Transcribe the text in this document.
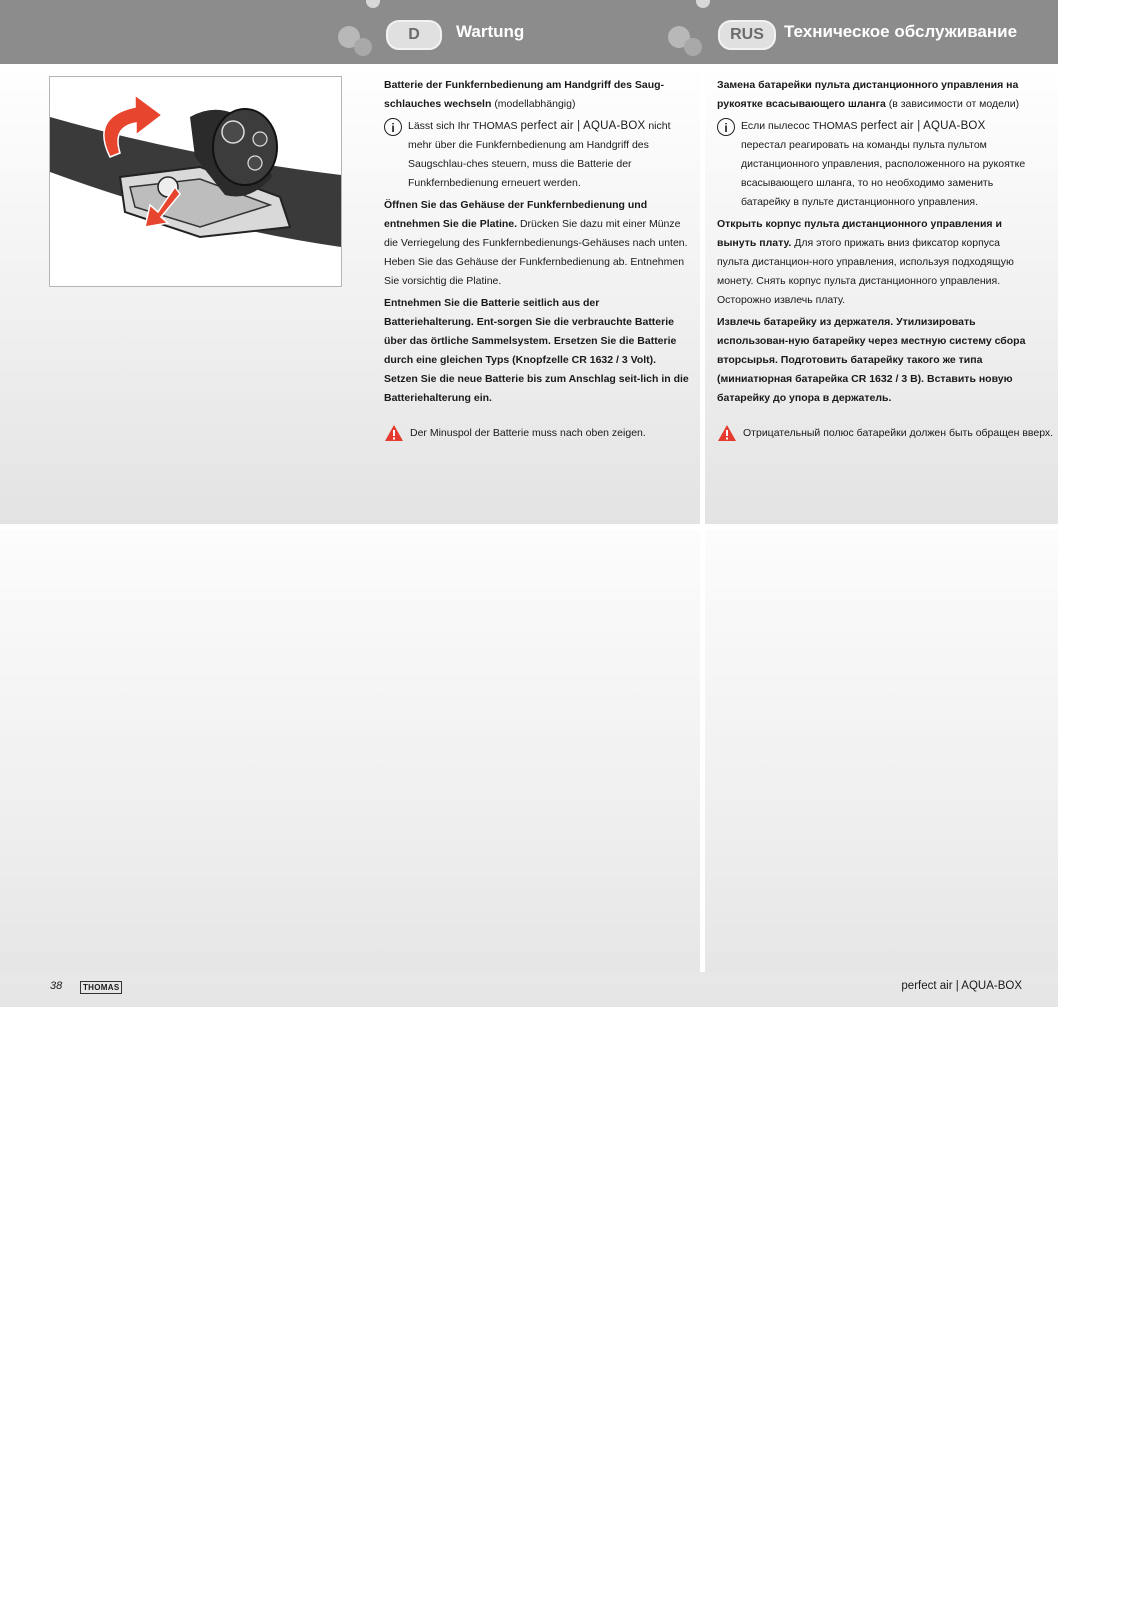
D	Wartung	RUS	Техническое обслуживание

Batterie der Funkfernbedienung am Handgriff des Saug-schlauches wechseln (modellabhängig)

i	Lässt sich Ihr THOMAS perfect air | AQUA-BOX nicht mehr über die Funkfernbedienung am Handgriff des Saugschlau-ches steuern, muss die Batterie der Funkfernbedienung erneuert werden.

Öffnen Sie das Gehäuse der Funkfernbedienung und entnehmen Sie die Platine. Drücken Sie dazu mit einer Münze die Verriegelung des Funkfernbedienungs-Gehäuses nach unten. Heben Sie das Gehäuse der Funkfernbedienung ab. Entnehmen Sie vorsichtig die Platine.

Entnehmen Sie die Batterie seitlich aus der Batteriehalterung. Ent-sorgen Sie die verbrauchte Batterie über das örtliche Sammelsystem. Ersetzen Sie die Batterie durch eine gleichen Typs (Knopfzelle CR 1632 / 3 Volt). Setzen Sie die neue Batterie bis zum Anschlag seit-lich in die Batteriehalterung ein.

Der Minuspol der Batterie muss nach oben zeigen.

Замена батарейки пульта дистанционного управления на рукоятке всасывающего шланга (в зависимости от модели)

i	Если пылесос THOMAS perfect air | AQUA-BOX перестал реагировать на команды пульта пультом дистанционного управления, расположенного на рукоятке всасывающего шланга, то но необходимо заменить батарейку в пульте дистанционного управления.

Открыть корпус пульта дистанционного управления и вынуть плату. Для этого прижать вниз фиксатор корпуса пульта дистанцион-ного управления, используя подходящую монету. Снять корпус пульта дистанционного управления. Осторожно извлечь плату.

Извлечь батарейку из держателя. Утилизировать использован-ную батарейку через местную систему сбора вторсырья. Подготовить батарейку такого же типа (миниатюрная батарейка CR 1632 / 3 В). Вставить новую батарейку до упора в держатель.

Отрицательный полюс батарейки должен быть обращен вверх.
38	THOMAS	perfect air | AQUA-BOX
